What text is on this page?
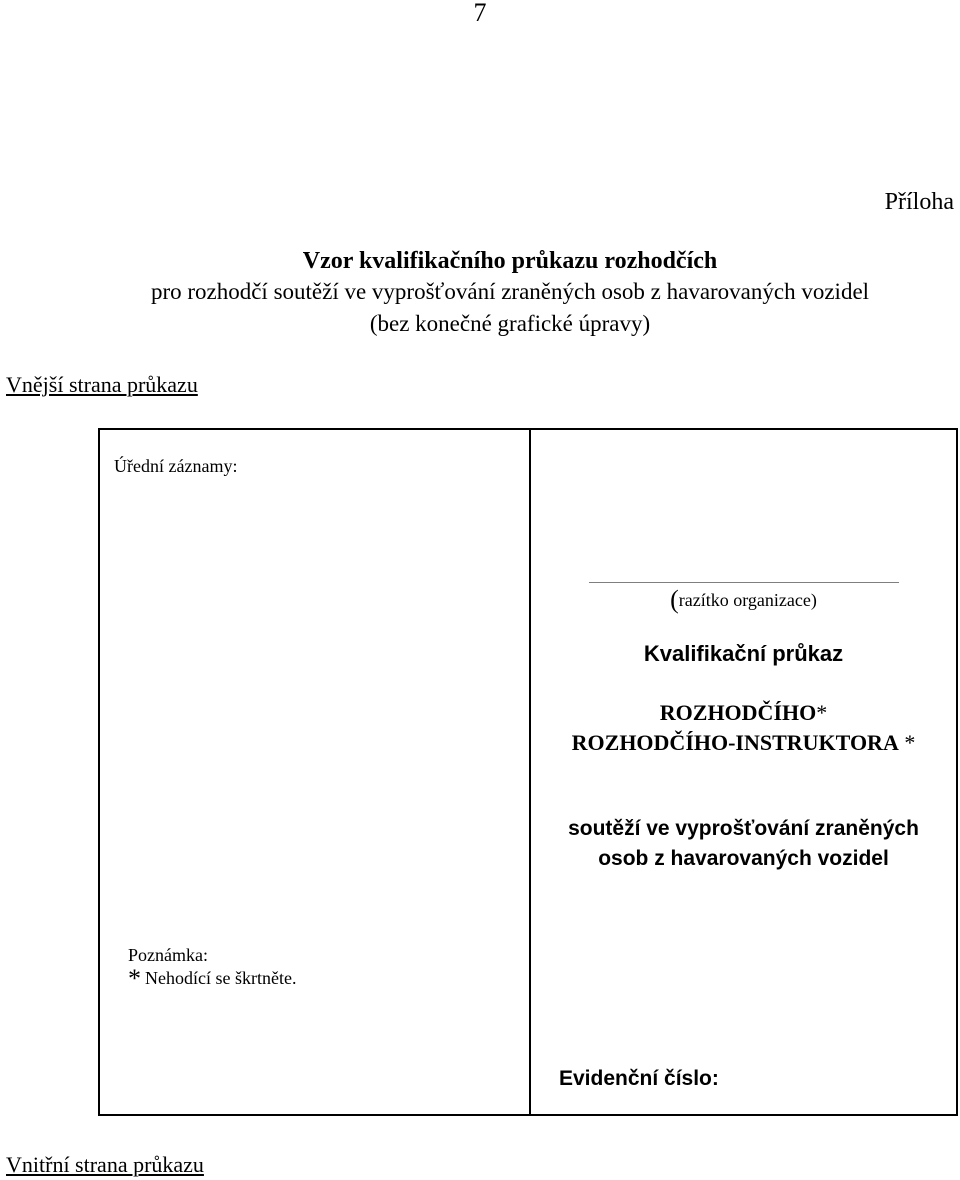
7
Příloha
Vzor kvalifikačního průkazu rozhodčích
pro rozhodčí soutěží ve vyprošťování zraněných osob z havarovaných vozidel
(bez konečné grafické úpravy)
Vnější strana průkazu
Úřední záznamy:
Poznámka:
* Nehodící se škrtněte.
(razítko organizace)
Kvalifikační průkaz
ROZHODČÍHO*
ROZHODČÍHO-INSTRUKTORA *
soutěží ve vyprošťování zraněných
osob z havarovaných vozidel
Evidenční číslo:
Vnitřní strana průkazu
